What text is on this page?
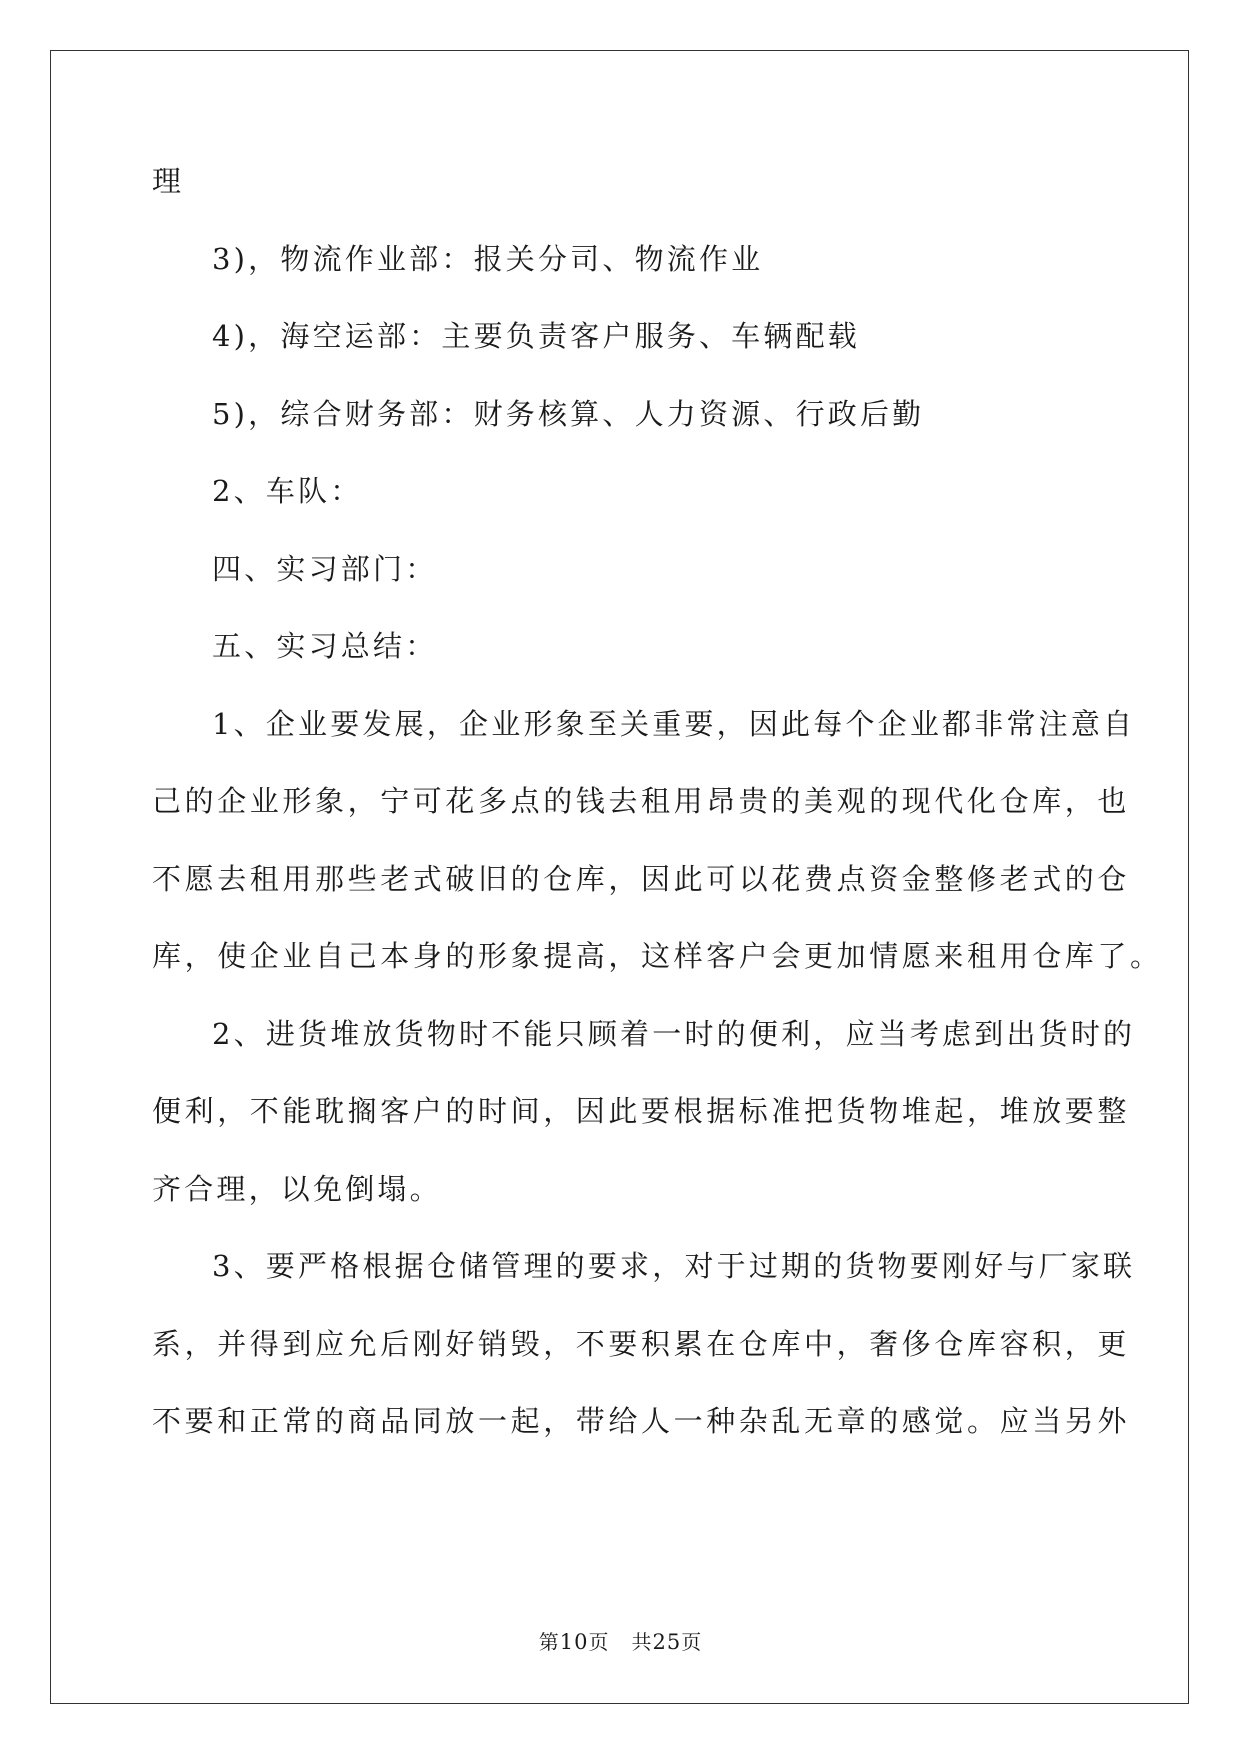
理
3)，物流作业部：报关分司、物流作业
4)，海空运部：主要负责客户服务、车辆配载
5)，综合财务部：财务核算、人力资源、行政后勤
2、车队：
四、实习部门：
五、实习总结：
1、企业要发展，企业形象至关重要，因此每个企业都非常注意自
己的企业形象，宁可花多点的钱去租用昂贵的美观的现代化仓库，也
不愿去租用那些老式破旧的仓库，因此可以花费点资金整修老式的仓
库，使企业自己本身的形象提高，这样客户会更加情愿来租用仓库了。
2、进货堆放货物时不能只顾着一时的便利，应当考虑到出货时的
便利，不能耽搁客户的时间，因此要根据标准把货物堆起，堆放要整
齐合理，以免倒塌。
3、要严格根据仓储管理的要求，对于过期的货物要刚好与厂家联
系，并得到应允后刚好销毁，不要积累在仓库中，奢侈仓库容积，更
不要和正常的商品同放一起，带给人一种杂乱无章的感觉。应当另外
第10页 共25页
